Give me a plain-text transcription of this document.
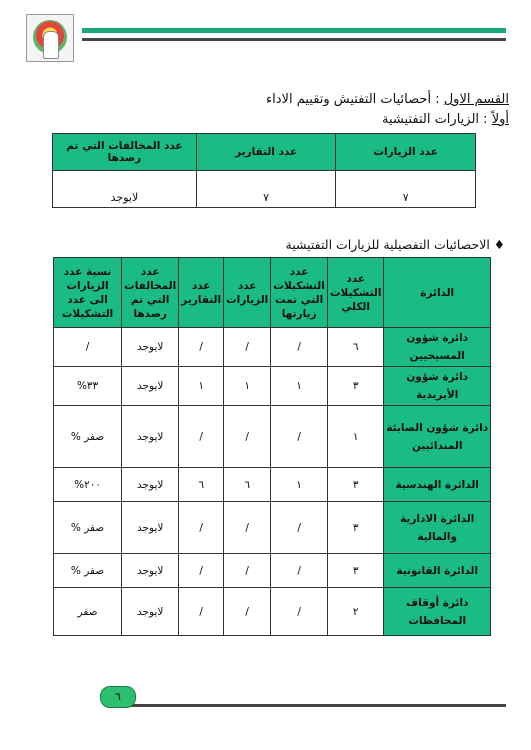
القسم الاول : أحصائيات التفتيش وتقييم الاداء
أولاً : الزيارات التفتيشية
عدد الزيارات	عدد التقارير	عدد المخالفات التي تم رصدها
٧	٧	لايوجد
♦ الاحصائيات التفصيلية للزيارات التفتيشية
الدائرة	عدد التشكيلات الكلي	عدد التشكيلات التي تمت زيارتها	عدد الزيارات	عدد التقارير	عدد المخالفات التي تم رصدها	نسبة عدد الزيارات الى عدد التشكيلات
دائرة شؤون المسيحيين	٦	/	/	/	لايوجد	/
دائرة شؤون الأيزيدية	٣	١	١	١	لايوجد	٣٣%
دائرة شؤون الصابئة المندائيين	١	/	/	/	لايوجد	صفر %
الدائرة الهندسية	٣	١	٦	٦	لايوجد	٢٠٠%
الدائرة الادارية والمالية	٣	/	/	/	لايوجد	صفر %
الدائرة القانونية	٣	/	/	/	لايوجد	صفر %
دائرة أوقاف المحافظات	٢	/	/	/	لايوجد	صفر
٦
